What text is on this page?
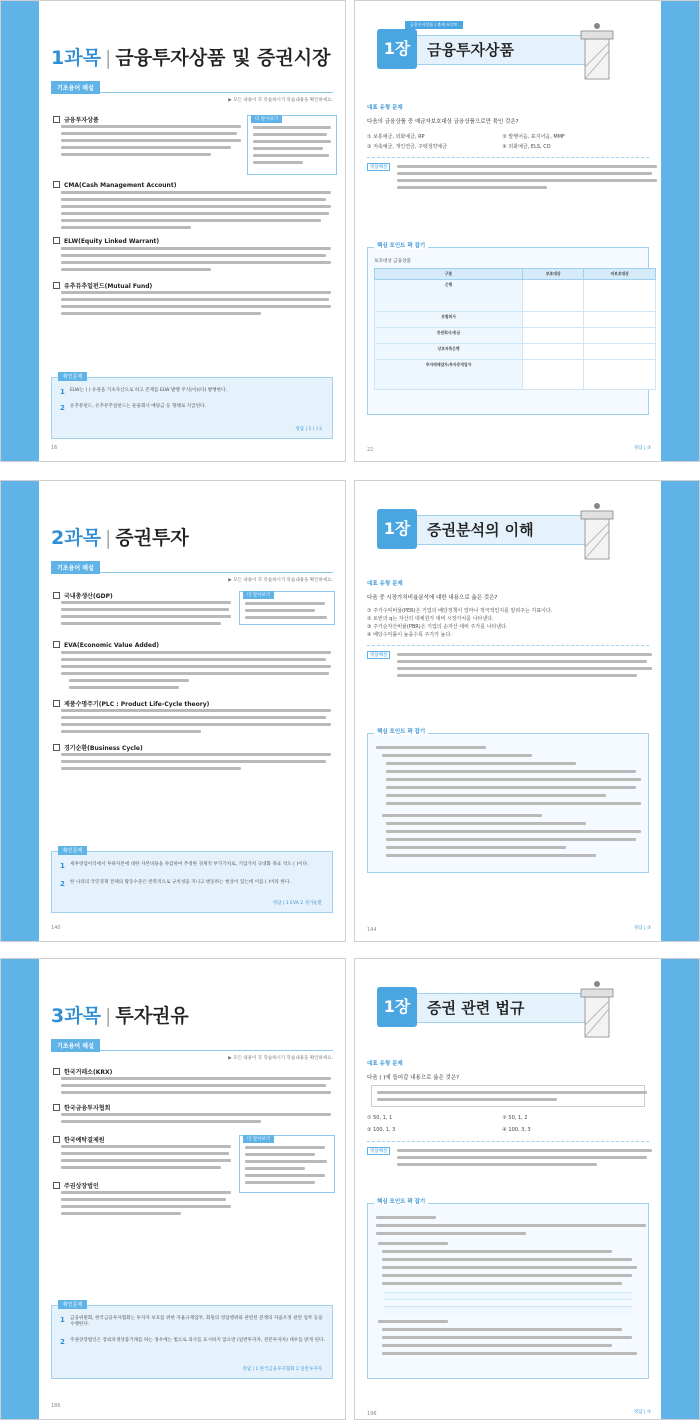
1과목 | 금융투자상품 및 증권시장
기초용어 해설
▶ 모든 내용이 꼭 학습하시기 학습내용을 확인하세요.
금융투자상품	더 알아보기
CMA(Cash Management Account)
ELW(Equity Linked Warrant)
유추뮤추얼펀드(Mutual Fund)
확인문제
1 ELW는 ( ) 유권을 기초자산으로 하고 존재를 ELW 발행 주식(이)(다) 발행한다.
2 유추뮤펀드, 유추뮤추얼펀드는 운용회사 배당금 등 형태로 지급된다.
정답 | 1 ( ) 2
16
금융투자상품 | 출제 포인트
1장	금융투자상품
대표 유형 문제
다음의 금융상품 중 예금자보호대상 금융상품으로만 묶인 것은?
① 보통예금, 외화예금, RP	② 발행어음, 표지어음, MMF
③ 저축예금, 개인연금, 주택청약예금	④ 외화예금, ELS, CD
정답해설
핵심 포인트 꽉 잡기
보호대상 금융상품
구분	보호대상	비보호대상
은행		
보험회사		
증권회사/종금		
상호저축은행		
투자매매업자/투자중개업자		
정답 | ③
22
2과목 | 증권투자
기초용어 해설
▶ 모든 내용이 꼭 학습하시기 학습내용을 확인하세요.
국내총생산(GDP)	더 알아보기
EVA(Economic Value Added)
제품수명주기(PLC : Product Life-Cycle theory)
경기순환(Business Cycle)
확인문제
1 세후영업이익에서 투하자본에 대한 자본비용을 차감하여 추정한 경제적 부가가치로, 기업가치 극대화 목표 척도 ( )이다.
2 한 나라의 국민경제 전체의 활동수준은 반복적으로 규칙성을 지니고 변동하는 현상이 있는데 이를 ( )이라 한다.
정답 | 1 EVA 2 경기순환
140
1장	증권분석의 이해
대표 유형 문제
다음 중 시장가치비율분석에 대한 내용으로 옳은 것은?
① 주가수익비율(PER)은 기업의 배당정책이 얼마나 적극적인지를 알려주는 지표이다.
② 토빈의 q는 자산의 대체원가 대비 시장가치를 나타낸다.
③ 주가순자산비율(PBR)은 기업의 순자산 대비 주가를 나타낸다.
④ 배당수익률이 높을수록 주가가 높다.
정답해설
핵심 포인트 꽉 잡기
정답 | ③
144
3과목 | 투자권유
기초용어 해설
▶ 모든 내용이 꼭 학습하시기 학습내용을 확인하세요.
한국거래소(KRX)
한국금융투자협회
한국예탁결제원	더 알아보기
주권상장법인
확인문제
1 금융위원회, 한국금융투자협회는 투자자 보호를 위한 자율규제업무, 회원의 영업행위와 관련된 분쟁의 자율조정 관련 업무 등을 수행한다.
2 주권상장법인은 장외파생상품거래를 하는 경우에는 법으로 의사를 표시하지 않으면 (일반투자자, 전문투자자) 대우를 받게 된다.
정답 | 1 한국금융투자협회 2 일반투자자
186
1장	증권 관련 법규
대표 유형 문제
다음 ( )에 들어갈 내용으로 옳은 것은?
① 50, 1, 1	② 50, 1, 2
③ 100, 1, 3	④ 100, 3, 3
정답해설
핵심 포인트 꽉 잡기
정답 | ③
196
